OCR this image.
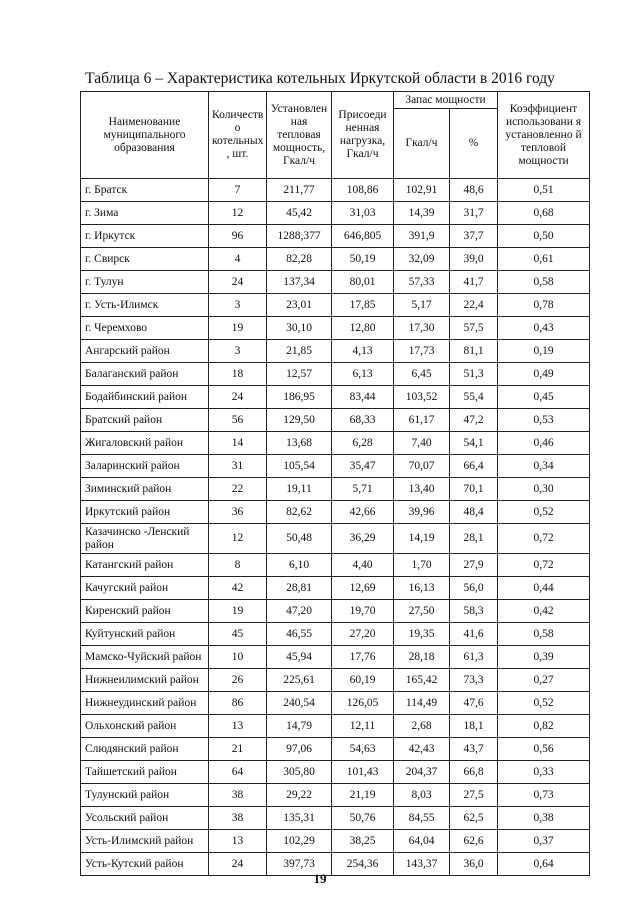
Таблица 6 – Характеристика котельных Иркутской области в 2016 году
Наименование муниципального образования	Количеств о котельных , шт.	Установлен ная тепловая мощность, Гкал/ч	Присоеди ненная нагрузка, Гкал/ч	Запас мощности		Коэффициент использовани я установленно й тепловой мощности
				Гкал/ч	%	
г. Братск	7	211,77	108,86	102,91	48,6	0,51
г. Зима	12	45,42	31,03	14,39	31,7	0,68
г. Иркутск	96	1288,377	646,805	391,9	37,7	0,50
г. Свирск	4	82,28	50,19	32,09	39,0	0,61
г. Тулун	24	137,34	80,01	57,33	41,7	0,58
г. Усть-Илимск	3	23,01	17,85	5,17	22,4	0,78
г. Черемхово	19	30,10	12,80	17,30	57,5	0,43
Ангарский район	3	21,85	4,13	17,73	81,1	0,19
Балаганский район	18	12,57	6,13	6,45	51,3	0,49
Бодайбинский район	24	186,95	83,44	103,52	55,4	0,45
Братский район	56	129,50	68,33	61,17	47,2	0,53
Жигаловский район	14	13,68	6,28	7,40	54,1	0,46
Заларинский район	31	105,54	35,47	70,07	66,4	0,34
Зиминский район	22	19,11	5,71	13,40	70,1	0,30
Иркутский район	36	82,62	42,66	39,96	48,4	0,52
Казачинско -Ленский район	12	50,48	36,29	14,19	28,1	0,72
Катангский район	8	6,10	4,40	1,70	27,9	0,72
Качугский район	42	28,81	12,69	16,13	56,0	0,44
Киренский район	19	47,20	19,70	27,50	58,3	0,42
Куйтунский район	45	46,55	27,20	19,35	41,6	0,58
Мамско-Чуйский район	10	45,94	17,76	28,18	61,3	0,39
Нижнеилимский район	26	225,61	60,19	165,42	73,3	0,27
Нижнеудинский район	86	240,54	126,05	114,49	47,6	0,52
Ольхонский район	13	14,79	12,11	2,68	18,1	0,82
Слюдянский район	21	97,06	54,63	42,43	43,7	0,56
Тайшетский район	64	305,80	101,43	204,37	66,8	0,33
Тулунский район	38	29,22	21,19	8,03	27,5	0,73
Усольский район	38	135,31	50,76	84,55	62,5	0,38
Усть-Илимский район	13	102,29	38,25	64,04	62,6	0,37
Усть-Кутский район	24	397,73	254,36	143,37	36,0	0,64
19
